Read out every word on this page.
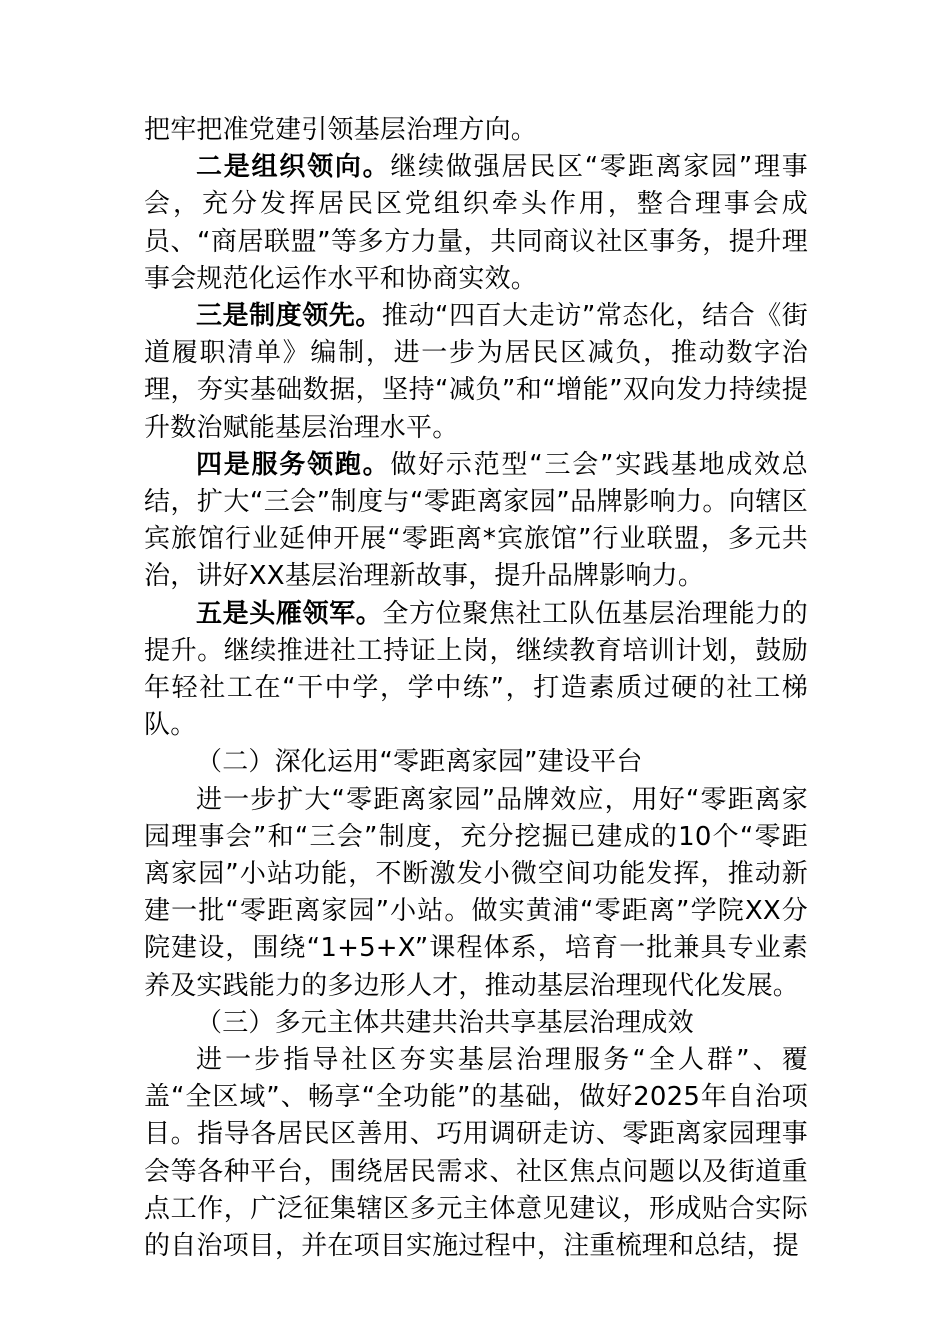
把牢把准党建引领基层治理方向。

二是组织领向。继续做强居民区“零距离家园”理事会，充分发挥居民区党组织牵头作用，整合理事会成员、“商居联盟”等多方力量，共同商议社区事务，提升理事会规范化运作水平和协商实效。

三是制度领先。推动“四百大走访”常态化，结合《街道履职清单》编制，进一步为居民区减负，推动数字治理，夯实基础数据，坚持“减负”和“增能”双向发力持续提升数治赋能基层治理水平。

四是服务领跑。做好示范型“三会”实践基地成效总结，扩大“三会”制度与“零距离家园”品牌影响力。向辖区宾旅馆行业延伸开展“零距离*宾旅馆”行业联盟，多元共治，讲好XX基层治理新故事，提升品牌影响力。

五是头雁领军。全方位聚焦社工队伍基层治理能力的提升。继续推进社工持证上岗，继续教育培训计划，鼓励年轻社工在“干中学，学中练”，打造素质过硬的社工梯队。

（二）深化运用“零距离家园”建设平台

进一步扩大“零距离家园”品牌效应，用好“零距离家园理事会”和“三会”制度，充分挖掘已建成的10个“零距离家园”小站功能，不断激发小微空间功能发挥，推动新建一批“零距离家园”小站。做实黄浦“零距离”学院XX分院建设，围绕“1+5+X”课程体系，培育一批兼具专业素养及实践能力的多边形人才，推动基层治理现代化发展。

（三）多元主体共建共治共享基层治理成效

进一步指导社区夯实基层治理服务“全人群”、覆盖“全区域”、畅享“全功能”的基础，做好2025年自治项目。指导各居民区善用、巧用调研走访、零距离家园理事会等各种平台，围绕居民需求、社区焦点问题以及街道重点工作，广泛征集辖区多元主体意见建议，形成贴合实际的自治项目，并在项目实施过程中，注重梳理和总结，提
